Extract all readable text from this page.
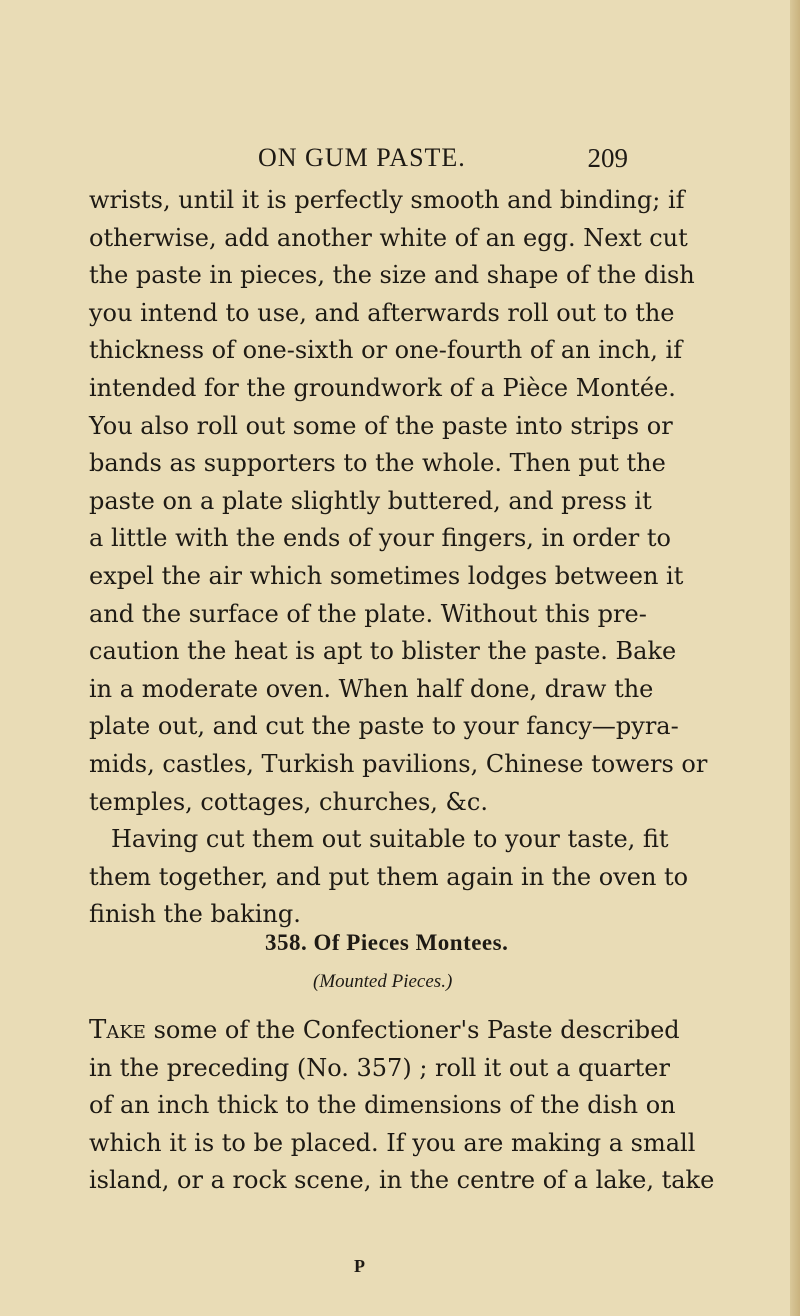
ON GUM PASTE.	209

wrists, until it is perfectly smooth and binding; if
otherwise, add another white of an egg. Next cut
the paste in pieces, the size and shape of the dish
you intend to use, and afterwards roll out to the
thickness of one-sixth or one-fourth of an inch, if
intended for the groundwork of a Pièce Montée.
You also roll out some of the paste into strips or
bands as supporters to the whole. Then put the
paste on a plate slightly buttered, and press it
a little with the ends of your fingers, in order to
expel the air which sometimes lodges between it
and the surface of the plate. Without this pre-
caution the heat is apt to blister the paste. Bake
in a moderate oven. When half done, draw the
plate out, and cut the paste to your fancy—pyra-
mids, castles, Turkish pavilions, Chinese towers or
temples, cottages, churches, &c.
Having cut them out suitable to your taste, fit
them together, and put them again in the oven to
finish the baking.

358. Of Pieces Montees.
(Mounted Pieces.)

Take some of the Confectioner's Paste described
in the preceding (No. 357) ; roll it out a quarter
of an inch thick to the dimensions of the dish on
which it is to be placed. If you are making a small
island, or a rock scene, in the centre of a lake, take

P
